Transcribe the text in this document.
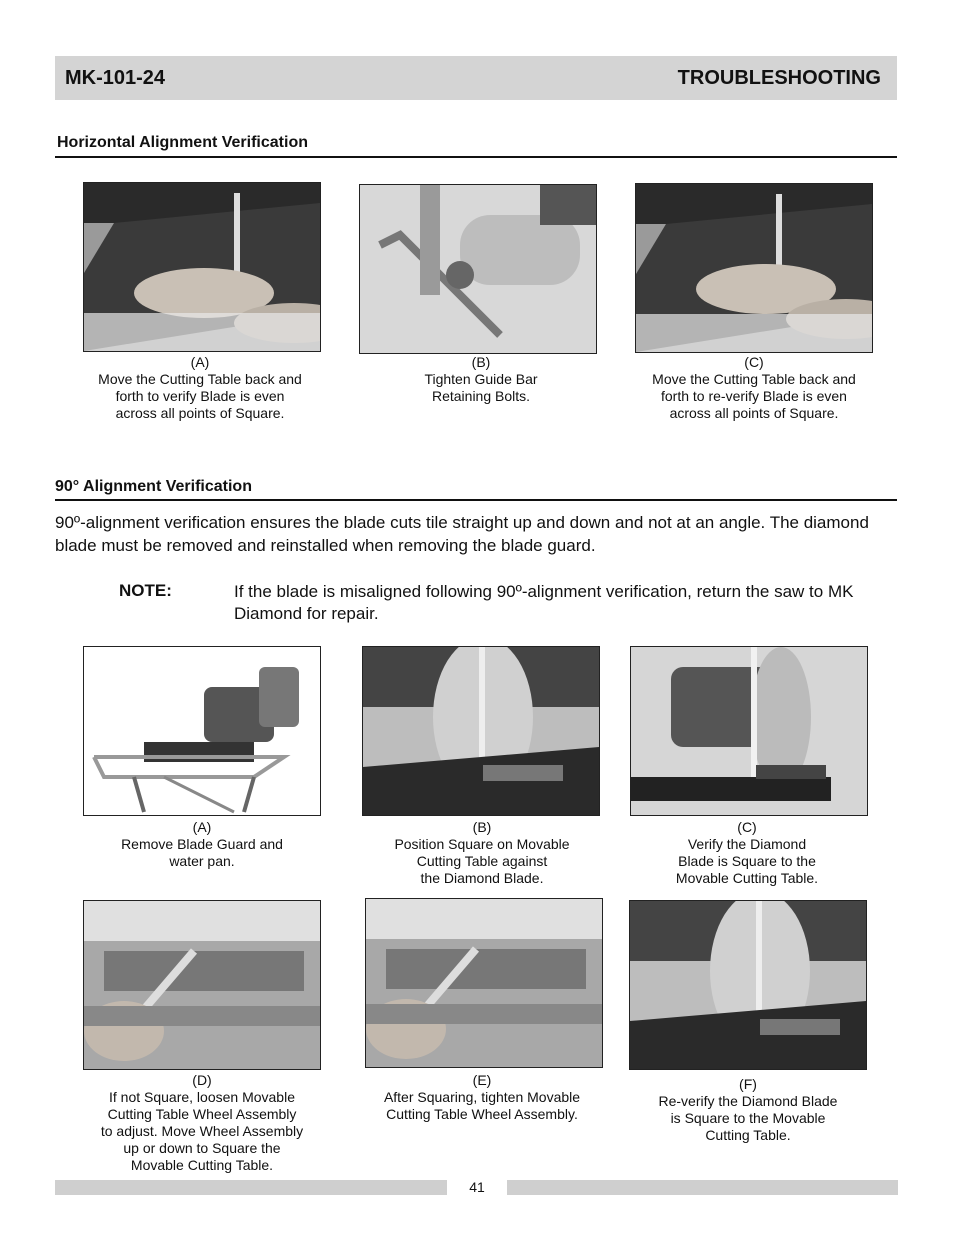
MK-101-24	TROUBLESHOOTING
Horizontal Alignment Verification
(A)
Move the Cutting Table back and
forth to verify Blade is even
across all points of Square.
(B)
Tighten Guide Bar
Retaining Bolts.
(C)
Move the Cutting Table back and
forth to re-verify Blade is even
across all points of Square.
90° Alignment Verification
90º-alignment verification ensures the blade cuts tile straight up and down and not at an angle. The diamond blade must be removed and reinstalled when removing the blade guard.
NOTE:	If the blade is misaligned following 90º-alignment verification, return the saw to MK Diamond for repair.
(A)
Remove Blade Guard and
water pan.
(B)
Position Square on Movable
Cutting Table against
the Diamond Blade.
(C)
Verify the Diamond
Blade is Square to the
Movable Cutting Table.
(D)
If not Square, loosen Movable
Cutting Table Wheel Assembly
to adjust. Move Wheel Assembly
up or down to Square the
Movable Cutting Table.
(E)
After Squaring, tighten Movable
Cutting Table Wheel Assembly.
(F)
Re-verify the Diamond Blade
is Square to the Movable
Cutting Table.
41
